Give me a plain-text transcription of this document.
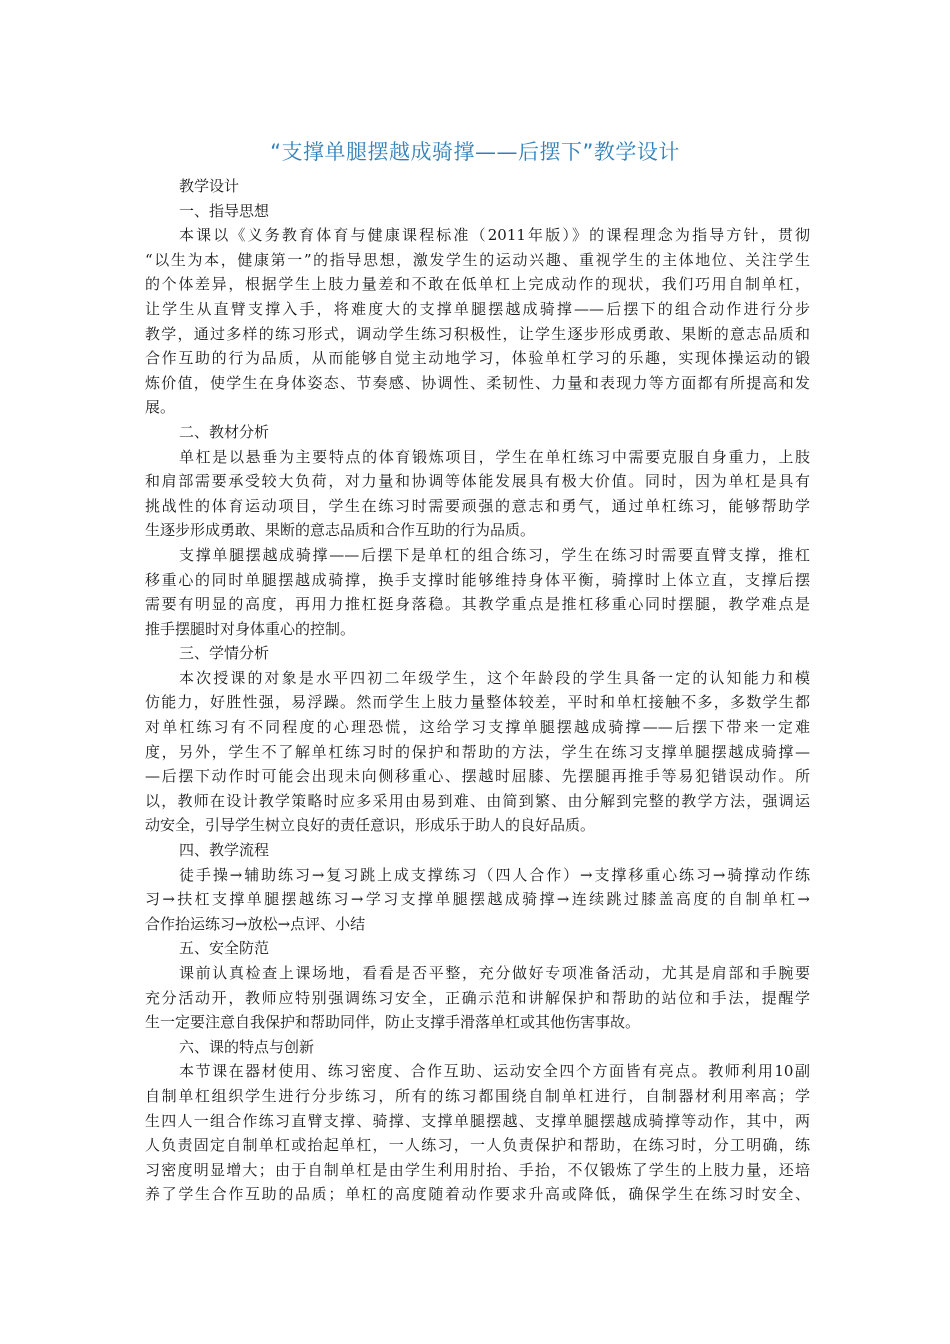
“支撑单腿摆越成骑撑——后摆下”教学设计
教学设计
一、指导思想
本课以《义务教育体育与健康课程标准（2011年版）》的课程理念为指导方针，贯彻
“以生为本，健康第一”的指导思想，激发学生的运动兴趣、重视学生的主体地位、关注学生
的个体差异，根据学生上肢力量差和不敢在低单杠上完成动作的现状，我们巧用自制单杠，
让学生从直臂支撑入手，将难度大的支撑单腿摆越成骑撑——后摆下的组合动作进行分步
教学，通过多样的练习形式，调动学生练习积极性，让学生逐步形成勇敢、果断的意志品质和
合作互助的行为品质，从而能够自觉主动地学习，体验单杠学习的乐趣，实现体操运动的锻
炼价值，使学生在身体姿态、节奏感、协调性、柔韧性、力量和表现力等方面都有所提高和发
展。
二、教材分析
单杠是以悬垂为主要特点的体育锻炼项目，学生在单杠练习中需要克服自身重力，上肢
和肩部需要承受较大负荷，对力量和协调等体能发展具有极大价值。同时，因为单杠是具有
挑战性的体育运动项目，学生在练习时需要顽强的意志和勇气，通过单杠练习，能够帮助学
生逐步形成勇敢、果断的意志品质和合作互助的行为品质。
支撑单腿摆越成骑撑——后摆下是单杠的组合练习，学生在练习时需要直臂支撑，推杠
移重心的同时单腿摆越成骑撑，换手支撑时能够维持身体平衡，骑撑时上体立直，支撑后摆
需要有明显的高度，再用力推杠挺身落稳。其教学重点是推杠移重心同时摆腿，教学难点是
推手摆腿时对身体重心的控制。
三、学情分析
本次授课的对象是水平四初二年级学生，这个年龄段的学生具备一定的认知能力和模
仿能力，好胜性强，易浮躁。然而学生上肢力量整体较差，平时和单杠接触不多，多数学生都
对单杠练习有不同程度的心理恐慌，这给学习支撑单腿摆越成骑撑——后摆下带来一定难
度，另外，学生不了解单杠练习时的保护和帮助的方法，学生在练习支撑单腿摆越成骑撑—
—后摆下动作时可能会出现未向侧移重心、摆越时屈膝、先摆腿再推手等易犯错误动作。所
以，教师在设计教学策略时应多采用由易到难、由简到繁、由分解到完整的教学方法，强调运
动安全，引导学生树立良好的责任意识，形成乐于助人的良好品质。
四、教学流程
徒手操→辅助练习→复习跳上成支撑练习（四人合作）→支撑移重心练习→骑撑动作练
习→扶杠支撑单腿摆越练习→学习支撑单腿摆越成骑撑→连续跳过膝盖高度的自制单杠→
合作抬运练习→放松→点评、小结
五、安全防范
课前认真检查上课场地，看看是否平整，充分做好专项准备活动，尤其是肩部和手腕要
充分活动开，教师应特别强调练习安全，正确示范和讲解保护和帮助的站位和手法，提醒学
生一定要注意自我保护和帮助同伴，防止支撑手滑落单杠或其他伤害事故。
六、课的特点与创新
本节课在器材使用、练习密度、合作互助、运动安全四个方面皆有亮点。教师利用10副
自制单杠组织学生进行分步练习，所有的练习都围绕自制单杠进行，自制器材利用率高；学
生四人一组合作练习直臂支撑、骑撑、支撑单腿摆越、支撑单腿摆越成骑撑等动作，其中，两
人负责固定自制单杠或抬起单杠，一人练习，一人负责保护和帮助，在练习时，分工明确，练
习密度明显增大；由于自制单杠是由学生利用肘抬、手抬，不仅锻炼了学生的上肢力量，还培
养了学生合作互助的品质；单杠的高度随着动作要求升高或降低，确保学生在练习时安全、
